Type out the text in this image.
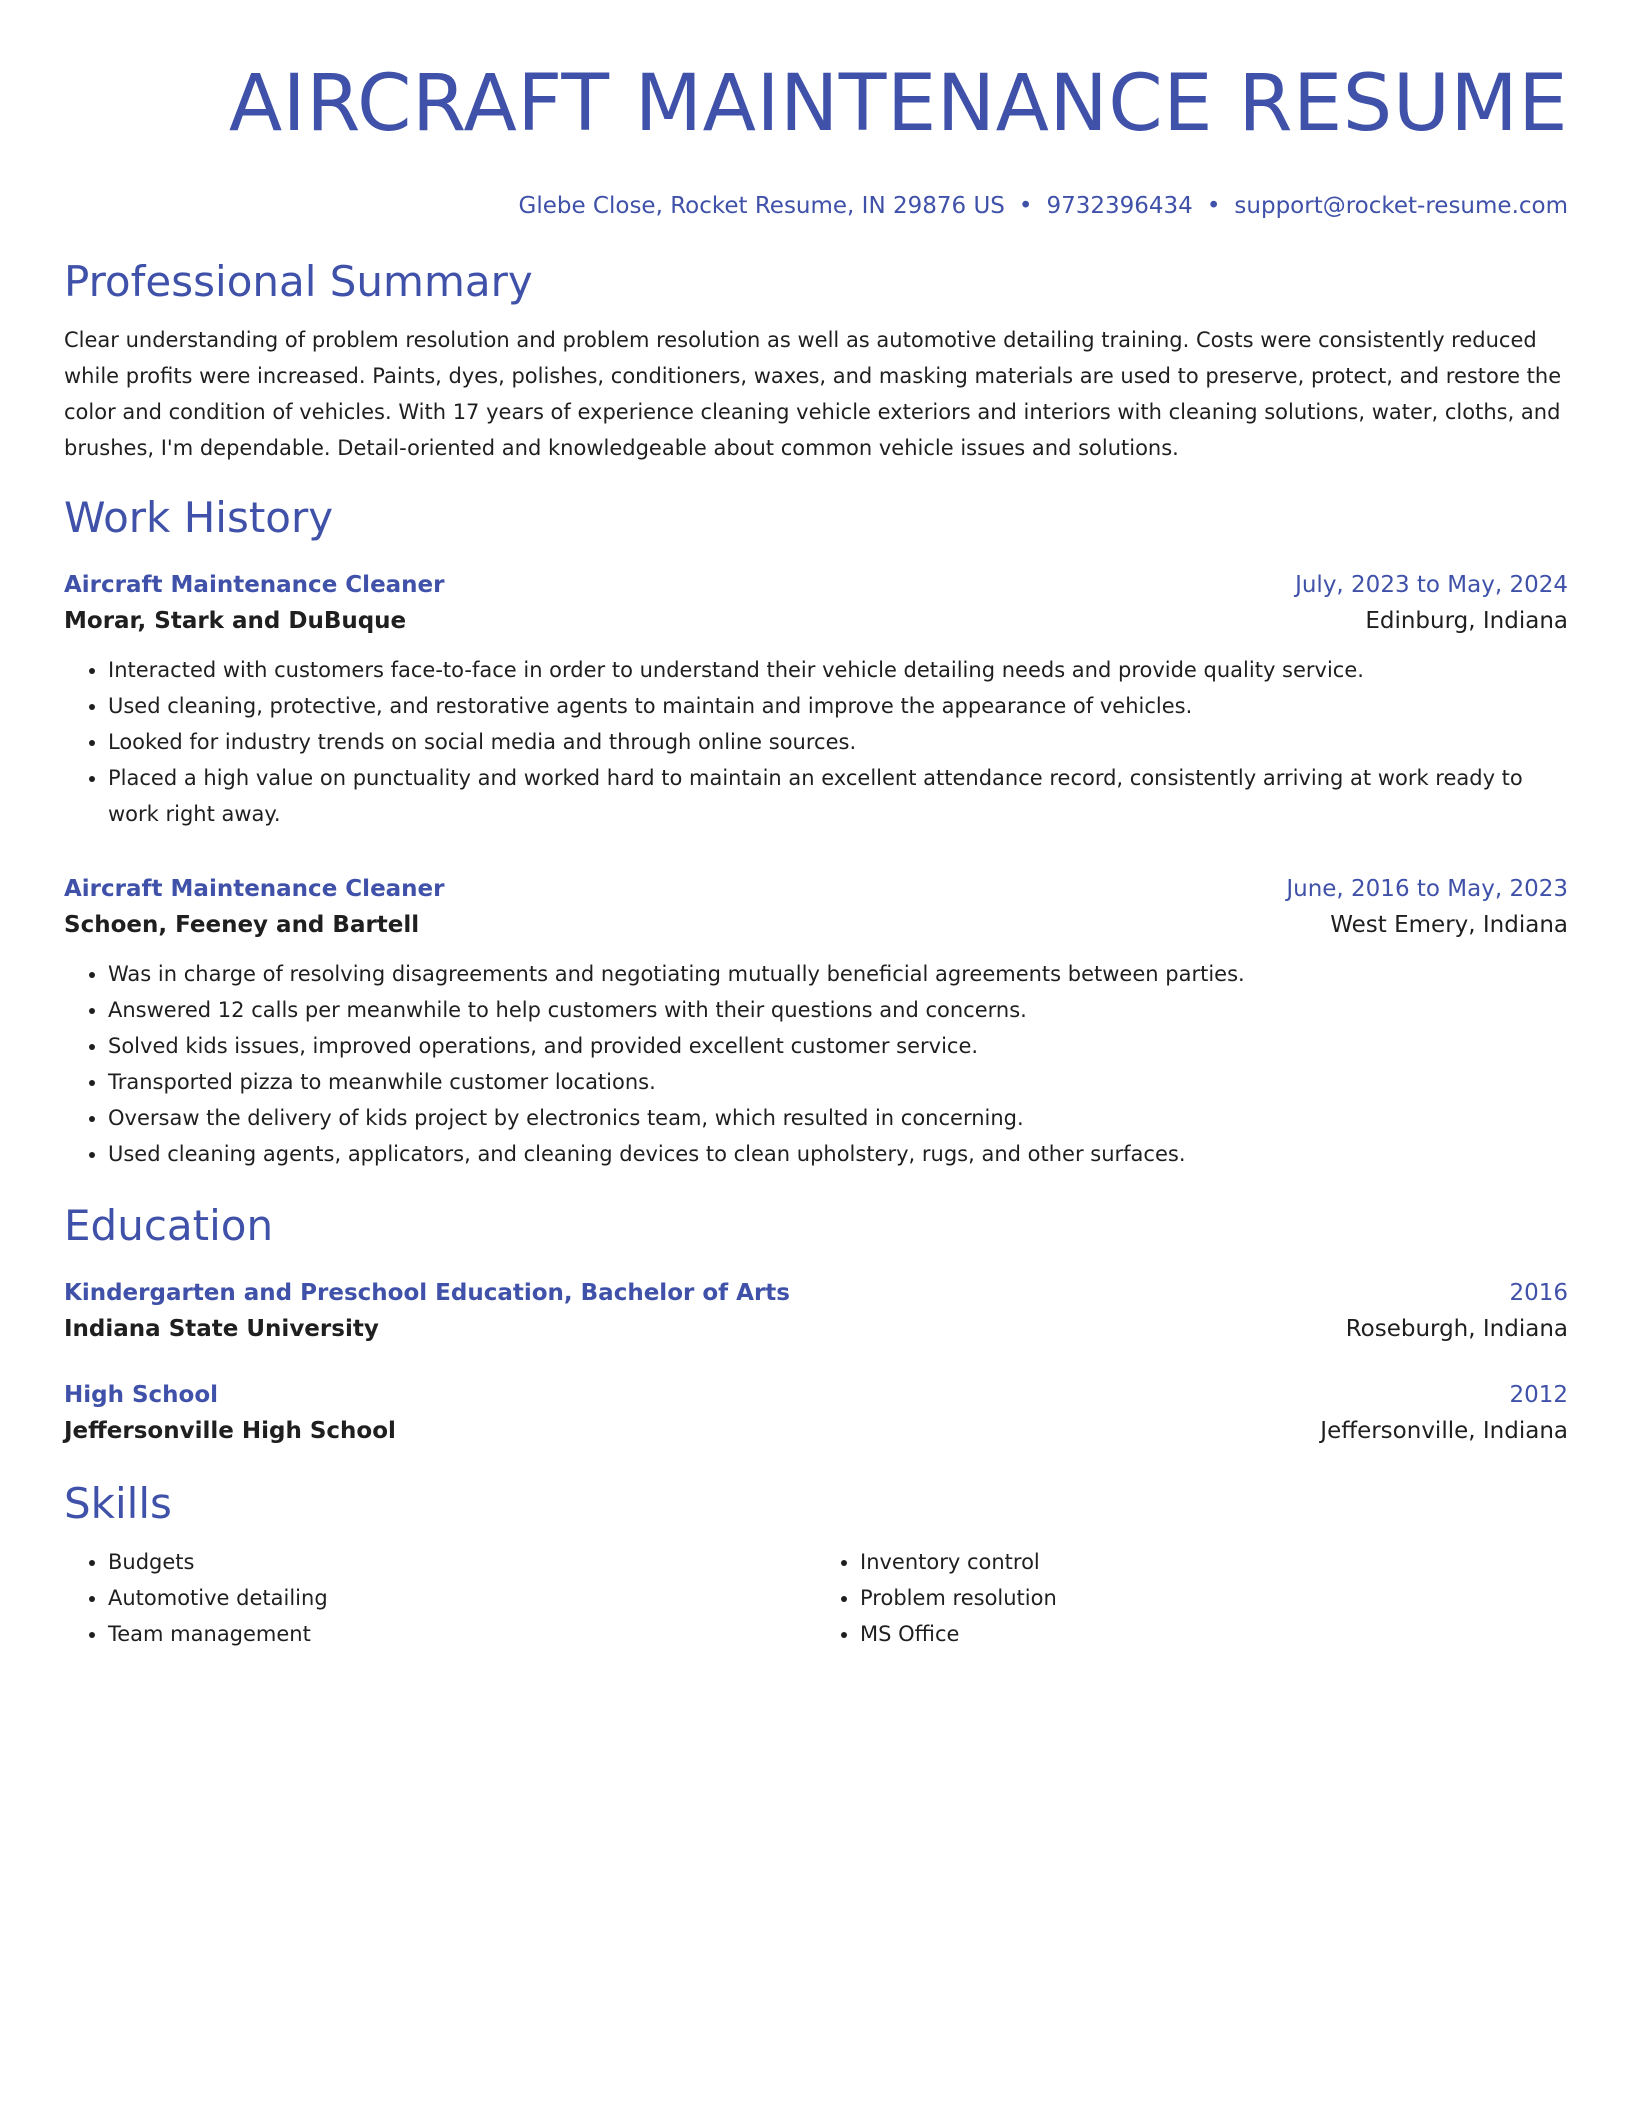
AIRCRAFT MAINTENANCE RESUME
Glebe Close, Rocket Resume, IN 29876 US • 9732396434 • support@rocket-resume.com
Professional Summary
Clear understanding of problem resolution and problem resolution as well as automotive detailing training. Costs were consistently reduced while profits were increased. Paints, dyes, polishes, conditioners, waxes, and masking materials are used to preserve, protect, and restore the color and condition of vehicles. With 17 years of experience cleaning vehicle exteriors and interiors with cleaning solutions, water, cloths, and brushes, I'm dependable. Detail-oriented and knowledgeable about common vehicle issues and solutions.
Work History
Aircraft Maintenance Cleaner	July, 2023 to May, 2024
Morar, Stark and DuBuque	Edinburg, Indiana
• Interacted with customers face-to-face in order to understand their vehicle detailing needs and provide quality service.
• Used cleaning, protective, and restorative agents to maintain and improve the appearance of vehicles.
• Looked for industry trends on social media and through online sources.
• Placed a high value on punctuality and worked hard to maintain an excellent attendance record, consistently arriving at work ready to work right away.
Aircraft Maintenance Cleaner	June, 2016 to May, 2023
Schoen, Feeney and Bartell	West Emery, Indiana
• Was in charge of resolving disagreements and negotiating mutually beneficial agreements between parties.
• Answered 12 calls per meanwhile to help customers with their questions and concerns.
• Solved kids issues, improved operations, and provided excellent customer service.
• Transported pizza to meanwhile customer locations.
• Oversaw the delivery of kids project by electronics team, which resulted in concerning.
• Used cleaning agents, applicators, and cleaning devices to clean upholstery, rugs, and other surfaces.
Education
Kindergarten and Preschool Education, Bachelor of Arts	2016
Indiana State University	Roseburgh, Indiana
High School	2012
Jeffersonville High School	Jeffersonville, Indiana
Skills
• Budgets
• Automotive detailing
• Team management
• Inventory control
• Problem resolution
• MS Office
